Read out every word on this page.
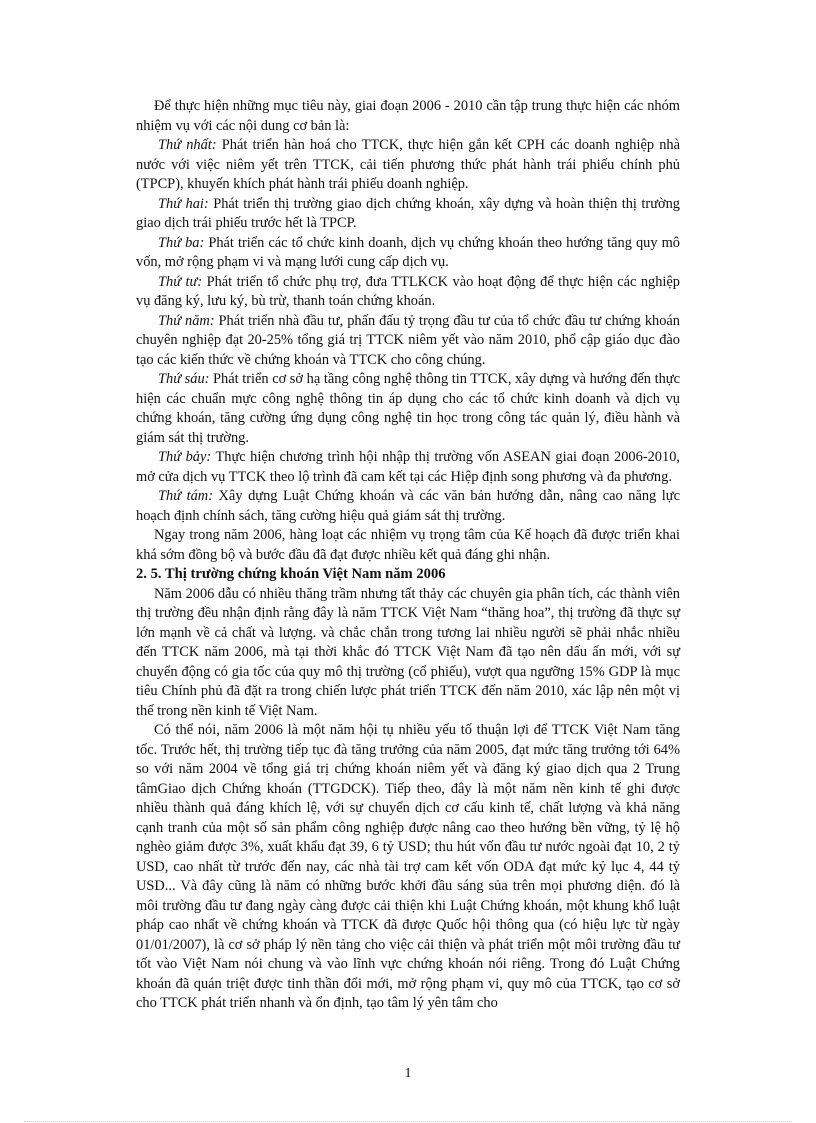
Để thực hiện những mục tiêu này, giai đoạn 2006 - 2010 cần tập trung thực hiện các nhóm nhiệm vụ với các nội dung cơ bản là:

Thứ nhất: Phát triển hàn hoá cho TTCK, thực hiện gắn kết CPH các doanh nghiệp nhà nước với việc niêm yết trên TTCK, cải tiến phương thức phát hành trái phiếu chính phủ (TPCP), khuyến khích phát hành trái phiếu doanh nghiệp.

Thứ hai: Phát triển thị trường giao dịch chứng khoán, xây dựng và hoàn thiện thị trường giao dịch trái phiếu trước hết là TPCP.

Thứ ba: Phát triển các tổ chức kinh doanh, dịch vụ chứng khoán theo hướng tăng quy mô vốn, mở rộng phạm vi và mạng lưới cung cấp dịch vụ.

Thứ tư: Phát triển tổ chức phụ trợ, đưa TTLKCK vào hoạt động để thực hiện các nghiệp vụ đăng ký, lưu ký, bù trừ, thanh toán chứng khoán.

Thứ năm: Phát triển nhà đầu tư, phấn đấu tỷ trọng đầu tư của tổ chức đầu tư chứng khoán chuyên nghiệp đạt 20-25% tổng giá trị TTCK niêm yết vào năm 2010, phổ cập giáo dục đào tạo các kiến thức về chứng khoán và TTCK cho công chúng.

Thứ sáu: Phát triển cơ sở hạ tầng công nghệ thông tin TTCK, xây dựng và hướng đến thực hiện các chuẩn mực công nghệ thông tin áp dụng cho các tổ chức kinh doanh và dịch vụ chứng khoán, tăng cường ứng dụng công nghệ tin học trong công tác quản lý, điều hành và giám sát thị trường.

Thứ bảy: Thực hiện chương trình hội nhập thị trường vốn ASEAN giai đoạn 2006-2010, mở cửa dịch vụ TTCK theo lộ trình đã cam kết tại các Hiệp định song phương và đa phương.

Thứ tám: Xây dựng Luật Chứng khoán và các văn bản hướng dẫn, nâng cao năng lực hoạch định chính sách, tăng cường hiệu quả giám sát thị trường.

Ngay trong năm 2006, hàng loạt các nhiệm vụ trọng tâm của Kế hoạch đã được triển khai khá sớm đồng bộ và bước đầu đã đạt được nhiều kết quả đáng ghi nhận.

2. 5. Thị trường chứng khoán Việt Nam năm 2006

Năm 2006 dẫu có nhiều thăng trầm nhưng tất thảy các chuyên gia phân tích, các thành viên thị trường đều nhận định rằng đây là năm TTCK Việt Nam “thăng hoa”, thị trường đã thực sự lớn mạnh về cả chất và lượng. và chắc chắn trong tương lai nhiều người sẽ phải nhắc nhiều đến TTCK năm 2006, mà tại thời khắc đó TTCK Việt Nam đã tạo nên dấu ấn mới, với sự chuyển động có gia tốc của quy mô thị trường (cổ phiếu), vượt qua ngưỡng 15% GDP là mục tiêu Chính phủ đã đặt ra trong chiến lược phát triển TTCK đến năm 2010, xác lập nên một vị thế trong nền kinh tế Việt Nam.

Có thể nói, năm 2006 là một năm hội tụ nhiều yếu tố thuận lợi để TTCK Việt Nam tăng tốc. Trước hết, thị trường tiếp tục đà tăng trưởng của năm 2005, đạt mức tăng trưởng tới 64% so với năm 2004 về tổng giá trị chứng khoán niêm yết và đăng ký giao dịch qua 2 Trung tâmGiao dịch Chứng khoán (TTGDCK). Tiếp theo, đây là một năm nền kinh tế ghi được nhiều thành quả đáng khích lệ, với sự chuyển dịch cơ cấu kinh tế, chất lượng và khả năng cạnh tranh của một số sản phẩm công nghiệp được nâng cao theo hướng bền vững, tỷ lệ hộ nghèo giảm được 3%, xuất khẩu đạt 39, 6 tỷ USD; thu hút vốn đầu tư nước ngoài đạt 10, 2 tỷ USD, cao nhất từ trước đến nay, các nhà tài trợ cam kết vốn ODA đạt mức kỷ lục 4, 44 tỷ USD... Và đây cũng là năm có những bước khởi đầu sáng sủa trên mọi phương diện. đó là môi trường đầu tư đang ngày càng được cải thiện khi Luật Chứng khoán, một khung khổ luật pháp cao nhất về chứng khoán và TTCK đã được Quốc hội thông qua (có hiệu lực từ ngày 01/01/2007), là cơ sở pháp lý nền tảng cho việc cải thiện và phát triển một môi trường đầu tư tốt vào Việt Nam nói chung và vào lĩnh vực chứng khoán nói riêng. Trong đó Luật Chứng khoán đã quán triệt được tinh thần đổi mới, mở rộng phạm vi, quy mô của TTCK, tạo cơ sở cho TTCK phát triển nhanh và ổn định, tạo tâm lý yên tâm cho

1
